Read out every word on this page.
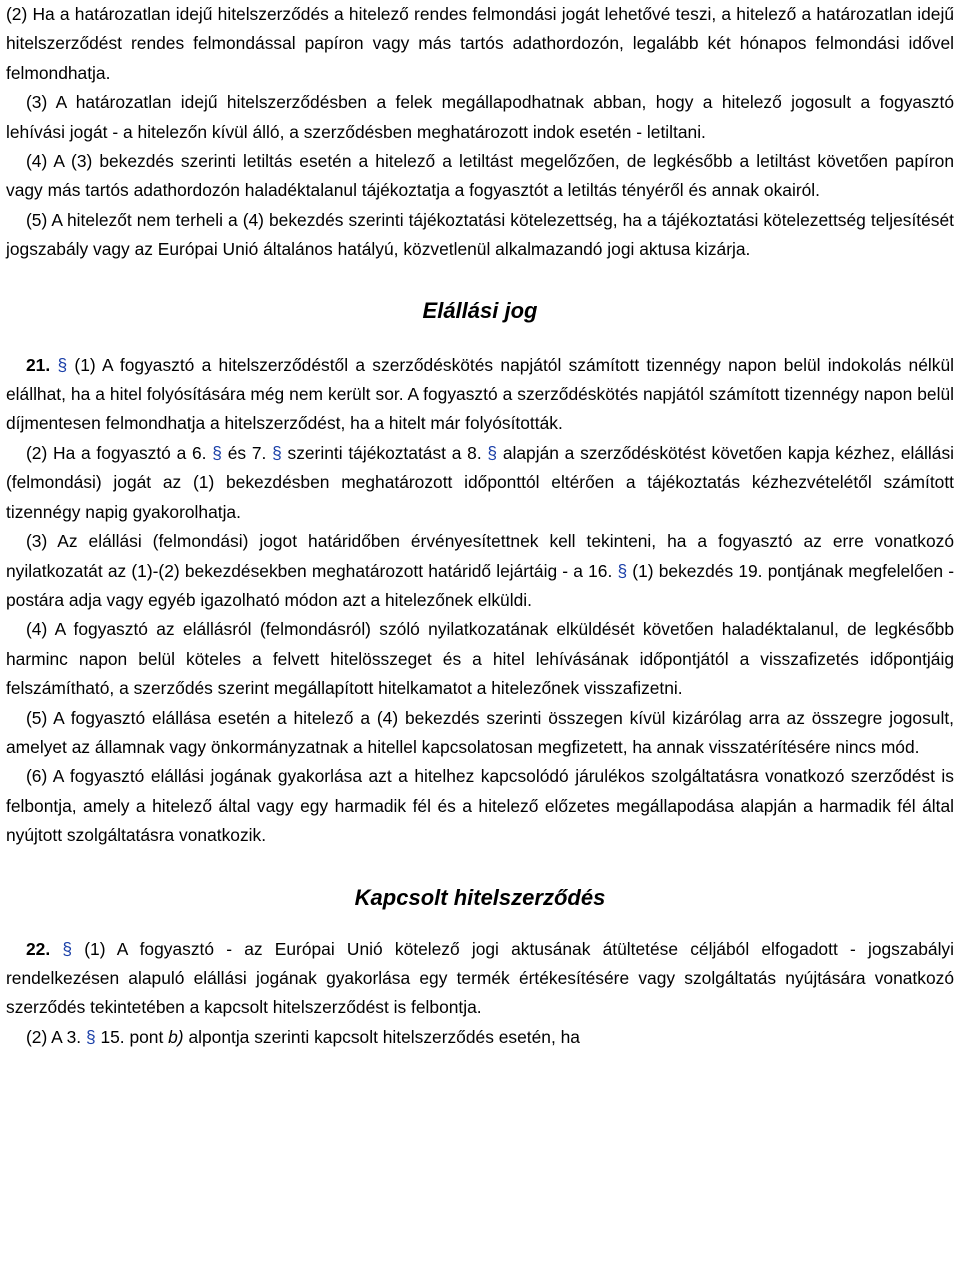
(2) Ha a határozatlan idejű hitelszerződés a hitelező rendes felmondási jogát lehetővé teszi, a hitelező a határozatlan idejű hitelszerződést rendes felmondással papíron vagy más tartós adathordozón, legalább két hónapos felmondási idővel felmondhatja.

(3) A határozatlan idejű hitelszerződésben a felek megállapodhatnak abban, hogy a hitelező jogosult a fogyasztó lehívási jogát - a hitelezőn kívül álló, a szerződésben meghatározott indok esetén - letiltani.

(4) A (3) bekezdés szerinti letiltás esetén a hitelező a letiltást megelőzően, de legkésőbb a letiltást követően papíron vagy más tartós adathordozón haladéktalanul tájékoztatja a fogyasztót a letiltás tényéről és annak okairól.

(5) A hitelezőt nem terheli a (4) bekezdés szerinti tájékoztatási kötelezettség, ha a tájékoztatási kötelezettség teljesítését jogszabály vagy az Európai Unió általános hatályú, közvetlenül alkalmazandó jogi aktusa kizárja.

Elállási jog

21. § (1) A fogyasztó a hitelszerződéstől a szerződéskötés napjától számított tizennégy napon belül indokolás nélkül elállhat, ha a hitel folyósítására még nem került sor. A fogyasztó a szerződéskötés napjától számított tizennégy napon belül díjmentesen felmondhatja a hitelszerződést, ha a hitelt már folyósították.

(2) Ha a fogyasztó a 6. § és 7. § szerinti tájékoztatást a 8. § alapján a szerződéskötést követően kapja kézhez, elállási (felmondási) jogát az (1) bekezdésben meghatározott időponttól eltérően a tájékoztatás kézhezvételétől számított tizennégy napig gyakorolhatja.

(3) Az elállási (felmondási) jogot határidőben érvényesítettnek kell tekinteni, ha a fogyasztó az erre vonatkozó nyilatkozatát az (1)-(2) bekezdésekben meghatározott határidő lejártáig - a 16. § (1) bekezdés 19. pontjának megfelelően - postára adja vagy egyéb igazolható módon azt a hitelezőnek elküldi.

(4) A fogyasztó az elállásról (felmondásról) szóló nyilatkozatának elküldését követően haladéktalanul, de legkésőbb harminc napon belül köteles a felvett hitelösszeget és a hitel lehívásának időpontjától a visszafizetés időpontjáig felszámítható, a szerződés szerint megállapított hitelkamatot a hitelezőnek visszafizetni.

(5) A fogyasztó elállása esetén a hitelező a (4) bekezdés szerinti összegen kívül kizárólag arra az összegre jogosult, amelyet az államnak vagy önkormányzatnak a hitellel kapcsolatosan megfizetett, ha annak visszatérítésére nincs mód.

(6) A fogyasztó elállási jogának gyakorlása azt a hitelhez kapcsolódó járulékos szolgáltatásra vonatkozó szerződést is felbontja, amely a hitelező által vagy egy harmadik fél és a hitelező előzetes megállapodása alapján a harmadik fél által nyújtott szolgáltatásra vonatkozik.

Kapcsolt hitelszerződés

22. § (1) A fogyasztó - az Európai Unió kötelező jogi aktusának átültetése céljából elfogadott - jogszabályi rendelkezésen alapuló elállási jogának gyakorlása egy termék értékesítésére vagy szolgáltatás nyújtására vonatkozó szerződés tekintetében a kapcsolt hitelszerződést is felbontja.

(2) A 3. § 15. pont b) alpontja szerinti kapcsolt hitelszerződés esetén, ha
